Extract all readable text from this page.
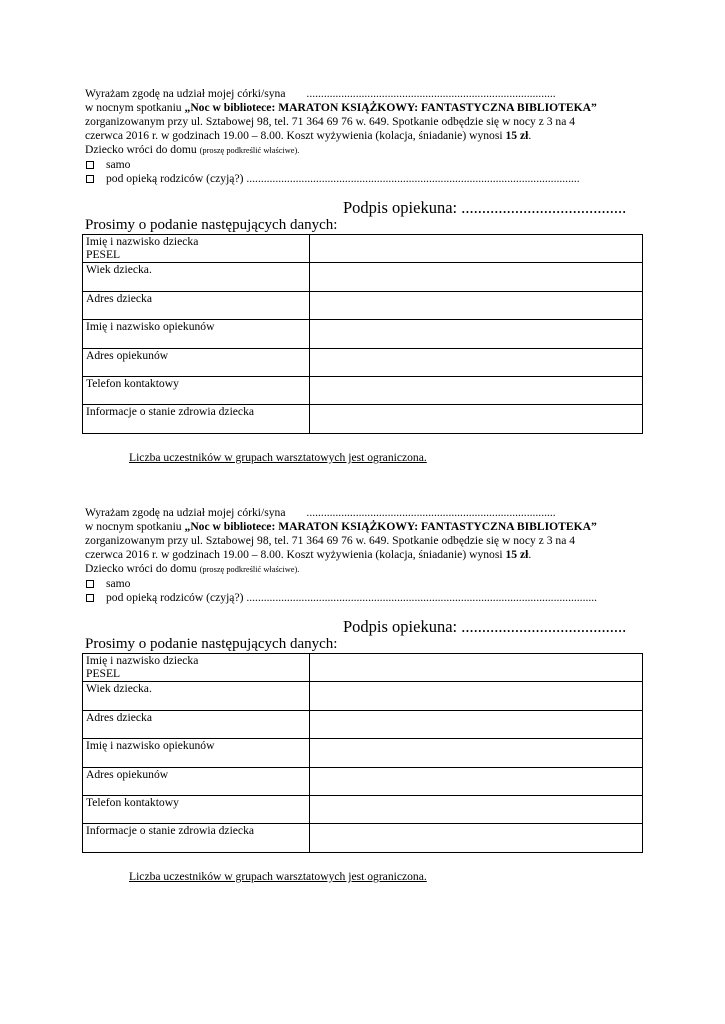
Wyrażam zgodę na udział mojej córki/syna ......................................................................................
w nocnym spotkaniu „Noc w bibliotece: MARATON KSIĄŻKOWY: FANTASTYCZNA BIBLIOTEKA”
zorganizowanym przy ul. Sztabowej 98, tel. 71 364 69 76 w. 649. Spotkanie odbędzie się w nocy z 3 na 4
czerwca 2016 r. w godzinach 19.00 – 8.00. Koszt wyżywienia (kolacja, śniadanie) wynosi 15 zł.
Dziecko wróci do domu (proszę podkreślić właściwe).
samo
pod opieką rodziców (czyją?) ...................................................................................................................
Podpis opiekuna: ........................................
Prosimy o podanie następujących danych:
Imię i nazwisko dziecka
PESEL	

Wiek dziecka.	
Adres dziecka	
Imię i nazwisko opiekunów	
Adres opiekunów	
Telefon kontaktowy	
Informacje o stanie zdrowia dziecka	
Liczba uczestników w grupach warsztatowych jest ograniczona.
Wyrażam zgodę na udział mojej córki/syna ......................................................................................
w nocnym spotkaniu „Noc w bibliotece: MARATON KSIĄŻKOWY: FANTASTYCZNA BIBLIOTEKA”
zorganizowanym przy ul. Sztabowej 98, tel. 71 364 69 76 w. 649. Spotkanie odbędzie się w nocy z 3 na 4
czerwca 2016 r. w godzinach 19.00 – 8.00. Koszt wyżywienia (kolacja, śniadanie) wynosi 15 zł.
Dziecko wróci do domu (proszę podkreślić właściwe).
samo
pod opieką rodziców (czyją?) .........................................................................................................................
Podpis opiekuna: ........................................
Prosimy o podanie następujących danych:
Imię i nazwisko dziecka
PESEL	

Wiek dziecka.	
Adres dziecka	
Imię i nazwisko opiekunów	
Adres opiekunów	
Telefon kontaktowy	
Informacje o stanie zdrowia dziecka	
Liczba uczestników w grupach warsztatowych jest ograniczona.
